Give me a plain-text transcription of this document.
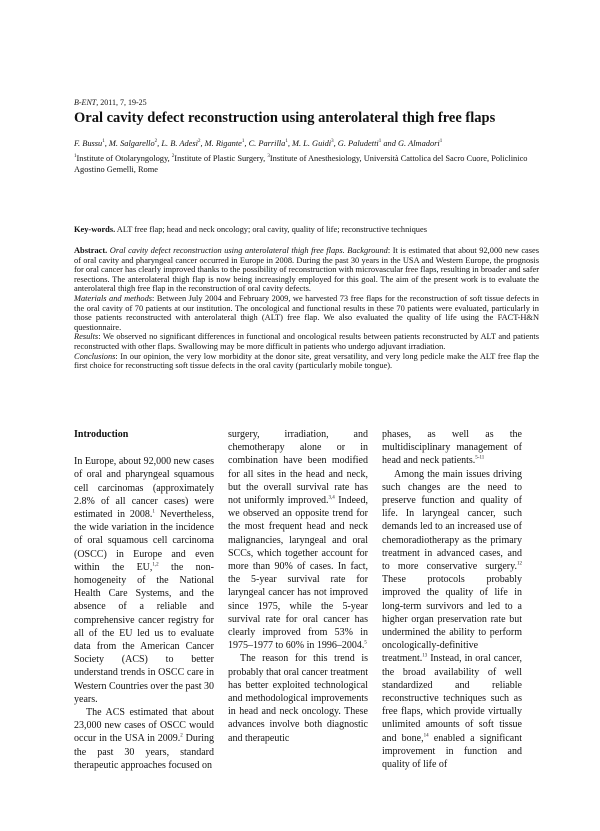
B-ENT, 2011, 7, 19-25
Oral cavity defect reconstruction using anterolateral thigh free flaps
F. Bussu$^1$, M. Salgarello$^2$, L. B. Adesi$^2$, M. Rigante$^1$, C. Parrilla$^1$, M. L. Guidi$^3$, G. Paludetti$^1$ and G. Almadori$^1$
$^1$Institute of Otolaryngology, $^2$Institute of Plastic Surgery, $^3$Institute of Anesthesiology, Università Cattolica del Sacro Cuore, Policlinico Agostino Gemelli, Rome
Key-words. ALT free flap; head and neck oncology; oral cavity, quality of life; reconstructive techniques

Abstract. Oral cavity defect reconstruction using anterolateral thigh free flaps. Background: It is estimated that about 92,000 new cases of oral cavity and pharyngeal cancer occurred in Europe in 2008. During the past 30 years in the USA and Western Europe, the prognosis for oral cancer has clearly improved thanks to the possibility of reconstruction with microvascular free flaps, resulting in broader and safer resections. The anterolateral thigh flap is now being increasingly employed for this goal. The aim of the present work is to evaluate the anterolateral thigh free flap in the reconstruction of oral cavity defects.

Materials and methods: Between July 2004 and February 2009, we harvested 73 free flaps for the reconstruction of soft tissue defects in the oral cavity of 70 patients at our institution. The oncological and functional results in these 70 patients were evaluated, particularly in those patients reconstructed with anterolateral thigh (ALT) free flap. We also evaluated the quality of life using the FACT-H&N questionnaire.

Results: We observed no significant differences in functional and oncological results between patients reconstructed by ALT and patients reconstructed with other flaps. Swallowing may be more difficult in patients who undergo adjuvant irradiation.

Conclusions: In our opinion, the very low morbidity at the donor site, great versatility, and very long pedicle make the ALT free flap the first choice for reconstructing soft tissue defects in the oral cavity (particularly mobile tongue).

Introduction

In Europe, about 92,000 new cases of oral and pharyngeal squamous cell carcinomas (approximately 2.8% of all cancer cases) were estimated in 2008.$^1$ Nevertheless, the wide variation in the incidence of oral squamous cell carcinoma (OSCC) in Europe and even within the EU,$^{1,2}$ the non-homogeneity of the National Health Care Systems, and the absence of a reliable and comprehensive cancer registry for all of the EU led us to evaluate data from the American Cancer Society (ACS) to better understand trends in OSCC care in Western Countries over the past 30 years.

The ACS estimated that about 23,000 new cases of OSCC would occur in the USA in 2009.$^2$ During the past 30 years, standard therapeutic approaches focused on

surgery, irradiation, and chemotherapy alone or in combination have been modified for all sites in the head and neck, but the overall survival rate has not uniformly improved.$^{3,4}$ Indeed, we observed an opposite trend for the most frequent head and neck malignancies, laryngeal and oral SCCs, which together account for more than 90% of cases. In fact, the 5-year survival rate for laryngeal cancer has not improved since 1975, while the 5-year survival rate for oral cancer has clearly improved from 53% in 1975–1977 to 60% in 1996–2004.$^5$

The reason for this trend is probably that oral cancer treatment has better exploited technological and methodological improvements in head and neck oncology. These advances involve both diagnostic and therapeutic

phases, as well as the multidisciplinary management of head and neck patients.$^{5-11}$

Among the main issues driving such changes are the need to preserve function and quality of life. In laryngeal cancer, such demands led to an increased use of chemoradiotherapy as the primary treatment in advanced cases, and to more conservative surgery.$^{12}$ These protocols probably improved the quality of life in long-term survivors and led to a higher organ preservation rate but undermined the ability to perform oncologically-definitive treatment.$^{13}$ Instead, in oral cancer, the broad availability of well standardized and reliable reconstructive techniques such as free flaps, which provide virtually unlimited amounts of soft tissue and bone,$^{14}$ enabled a significant improvement in function and quality of life of
